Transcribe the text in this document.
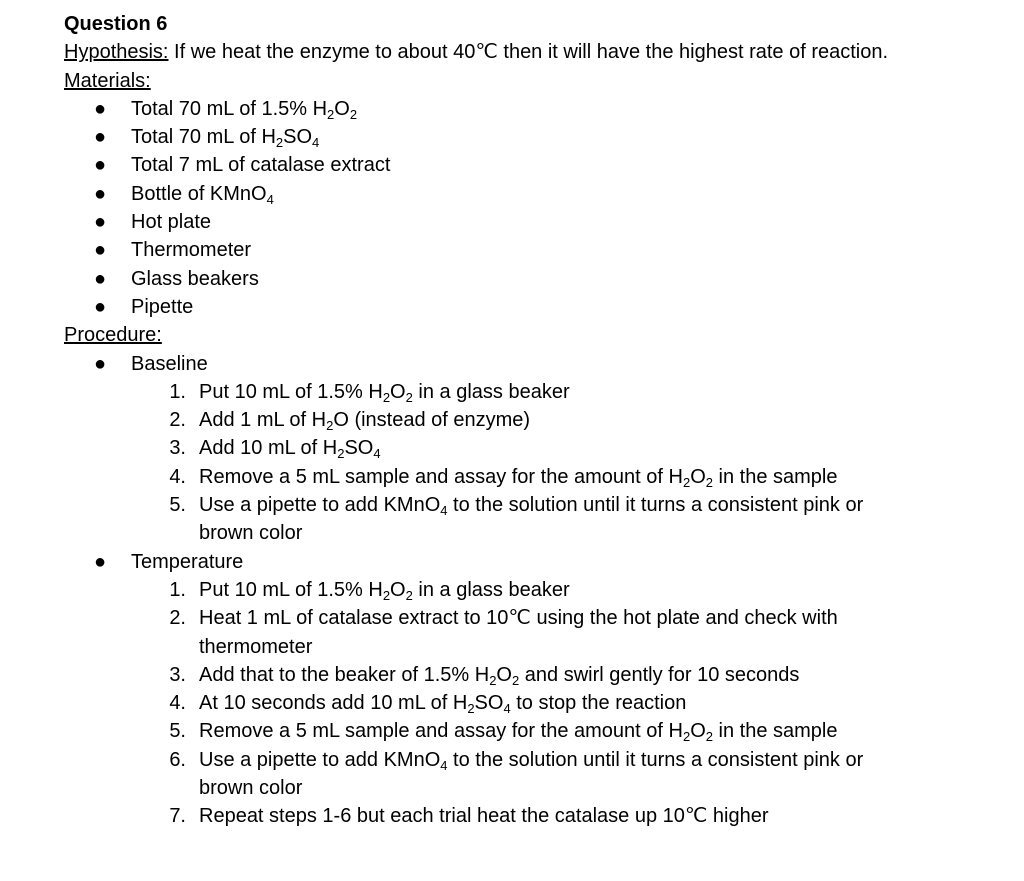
Question 6
Hypothesis: If we heat the enzyme to about 40℃ then it will have the highest rate of reaction.
Materials:
● Total 70 mL of 1.5% $H_2O_2$
● Total 70 mL of $H_2SO_4$
● Total 7 mL of catalase extract
● Bottle of KMnO$_4$
● Hot plate
● Thermometer
● Glass beakers
● Pipette
Procedure:
● Baseline
1. Put 10 mL of 1.5% $H_2O_2$ in a glass beaker
2. Add 1 mL of $H_2O$ (instead of enzyme)
3. Add 10 mL of $H_2SO_4$
4. Remove a 5 mL sample and assay for the amount of $H_2O_2$ in the sample
5. Use a pipette to add KMnO$_4$ to the solution until it turns a consistent pink or
brown color
● Temperature
1. Put 10 mL of 1.5% $H_2O_2$ in a glass beaker
2. Heat 1 mL of catalase extract to 10℃ using the hot plate and check with
thermometer
3. Add that to the beaker of 1.5% $H_2O_2$ and swirl gently for 10 seconds
4. At 10 seconds add 10 mL of $H_2SO_4$ to stop the reaction
5. Remove a 5 mL sample and assay for the amount of $H_2O_2$ in the sample
6. Use a pipette to add KMnO$_4$ to the solution until it turns a consistent pink or
brown color
7. Repeat steps 1-6 but each trial heat the catalase up 10℃ higher
